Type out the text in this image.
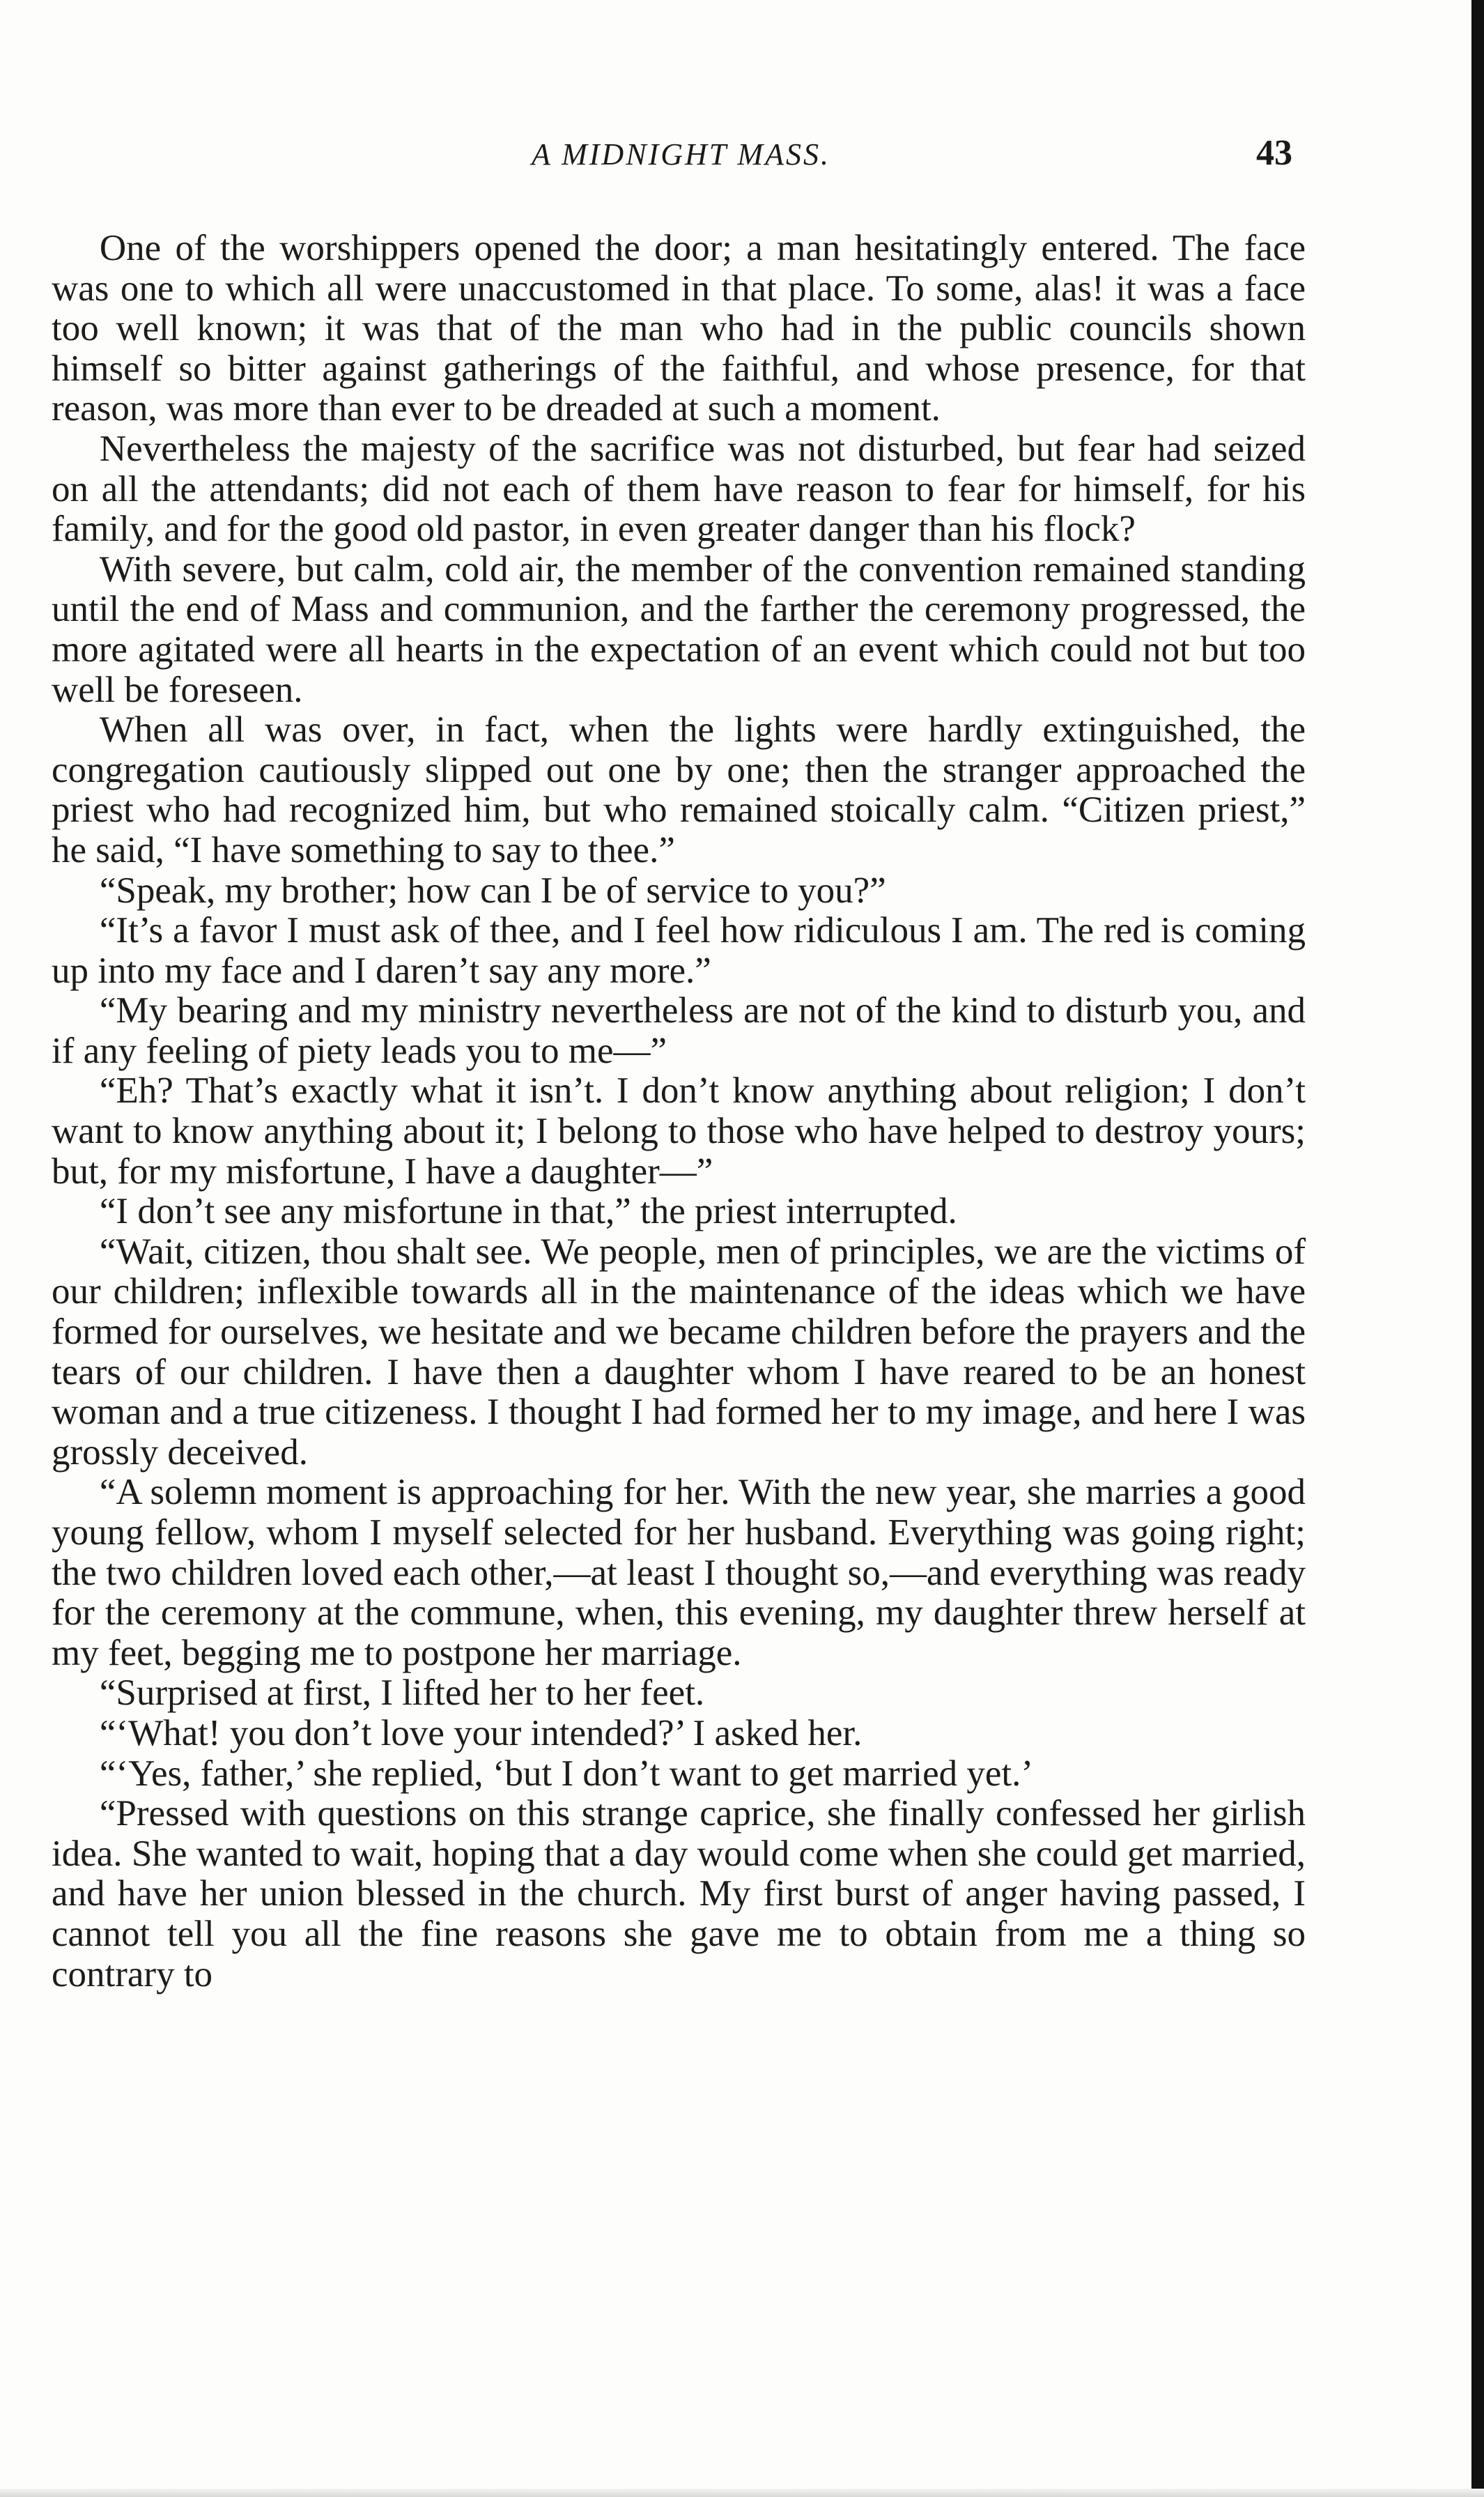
A MIDNIGHT MASS.	43

One of the worshippers opened the door; a man hesitatingly entered. The face was one to which all were unaccustomed in that place. To some, alas! it was a face too well known; it was that of the man who had in the public councils shown himself so bitter against gatherings of the faithful, and whose presence, for that reason, was more than ever to be dreaded at such a moment.

Nevertheless the majesty of the sacrifice was not disturbed, but fear had seized on all the attendants; did not each of them have reason to fear for himself, for his family, and for the good old pastor, in even greater danger than his flock?

With severe, but calm, cold air, the member of the convention remained standing until the end of Mass and communion, and the farther the ceremony progressed, the more agitated were all hearts in the expectation of an event which could not but too well be foreseen.

When all was over, in fact, when the lights were hardly extinguished, the congregation cautiously slipped out one by one; then the stranger approached the priest who had recognized him, but who remained stoically calm. “Citizen priest,” he said, “I have something to say to thee.”

“Speak, my brother; how can I be of service to you?”

“It’s a favor I must ask of thee, and I feel how ridiculous I am. The red is coming up into my face and I daren’t say any more.”

“My bearing and my ministry nevertheless are not of the kind to disturb you, and if any feeling of piety leads you to me—”

“Eh? That’s exactly what it isn’t. I don’t know anything about religion; I don’t want to know anything about it; I belong to those who have helped to destroy yours; but, for my misfortune, I have a daughter—”

“I don’t see any misfortune in that,” the priest interrupted.

“Wait, citizen, thou shalt see. We people, men of principles, we are the victims of our children; inflexible towards all in the maintenance of the ideas which we have formed for ourselves, we hesitate and we became children before the prayers and the tears of our children. I have then a daughter whom I have reared to be an honest woman and a true citizeness. I thought I had formed her to my image, and here I was grossly deceived.

“A solemn moment is approaching for her. With the new year, she marries a good young fellow, whom I myself selected for her husband. Everything was going right; the two children loved each other,—at least I thought so,—and everything was ready for the ceremony at the commune, when, this evening, my daughter threw herself at my feet, begging me to postpone her marriage.

“Surprised at first, I lifted her to her feet.

“‘What! you don’t love your intended?’ I asked her.

“‘Yes, father,’ she replied, ‘but I don’t want to get married yet.’

“Pressed with questions on this strange caprice, she finally confessed her girlish idea. She wanted to wait, hoping that a day would come when she could get married, and have her union blessed in the church. My first burst of anger having passed, I cannot tell you all the fine reasons she gave me to obtain from me a thing so contrary to
